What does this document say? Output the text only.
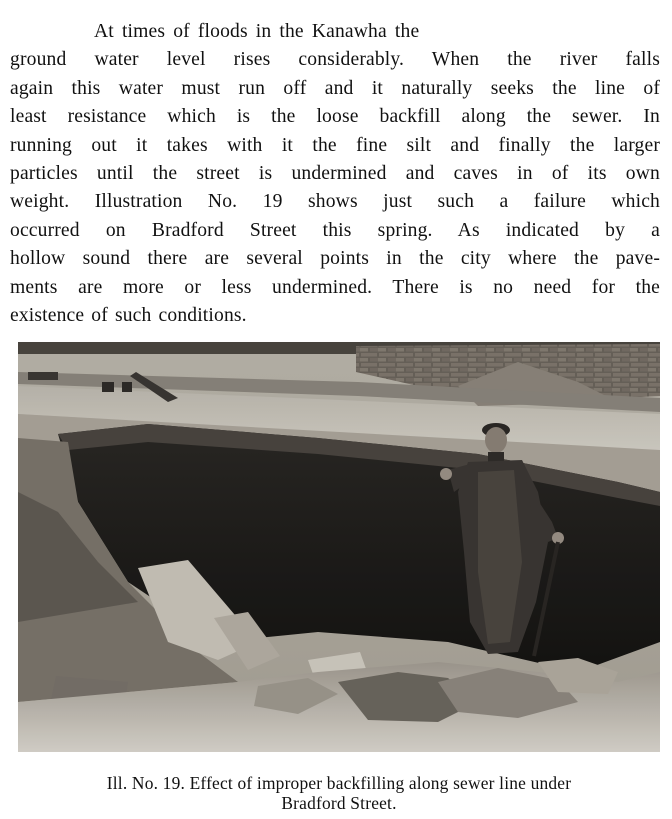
At times of floods in the Kanawha the
ground water level rises considerably. When the river falls
again this water must run off and it naturally seeks the line of
least resistance which is the loose backfill along the sewer. In
running out it takes with it the fine silt and finally the larger
particles until the street is undermined and caves in of its own
weight. Illustration No. 19 shows just such a failure which
occurred on Bradford Street this spring. As indicated by a
hollow sound there are several points in the city where the pave-
ments are more or less undermined. There is no need for the
existence of such conditions.
Ill. No. 19. Effect of improper backfilling along sewer line under
Bradford Street.
